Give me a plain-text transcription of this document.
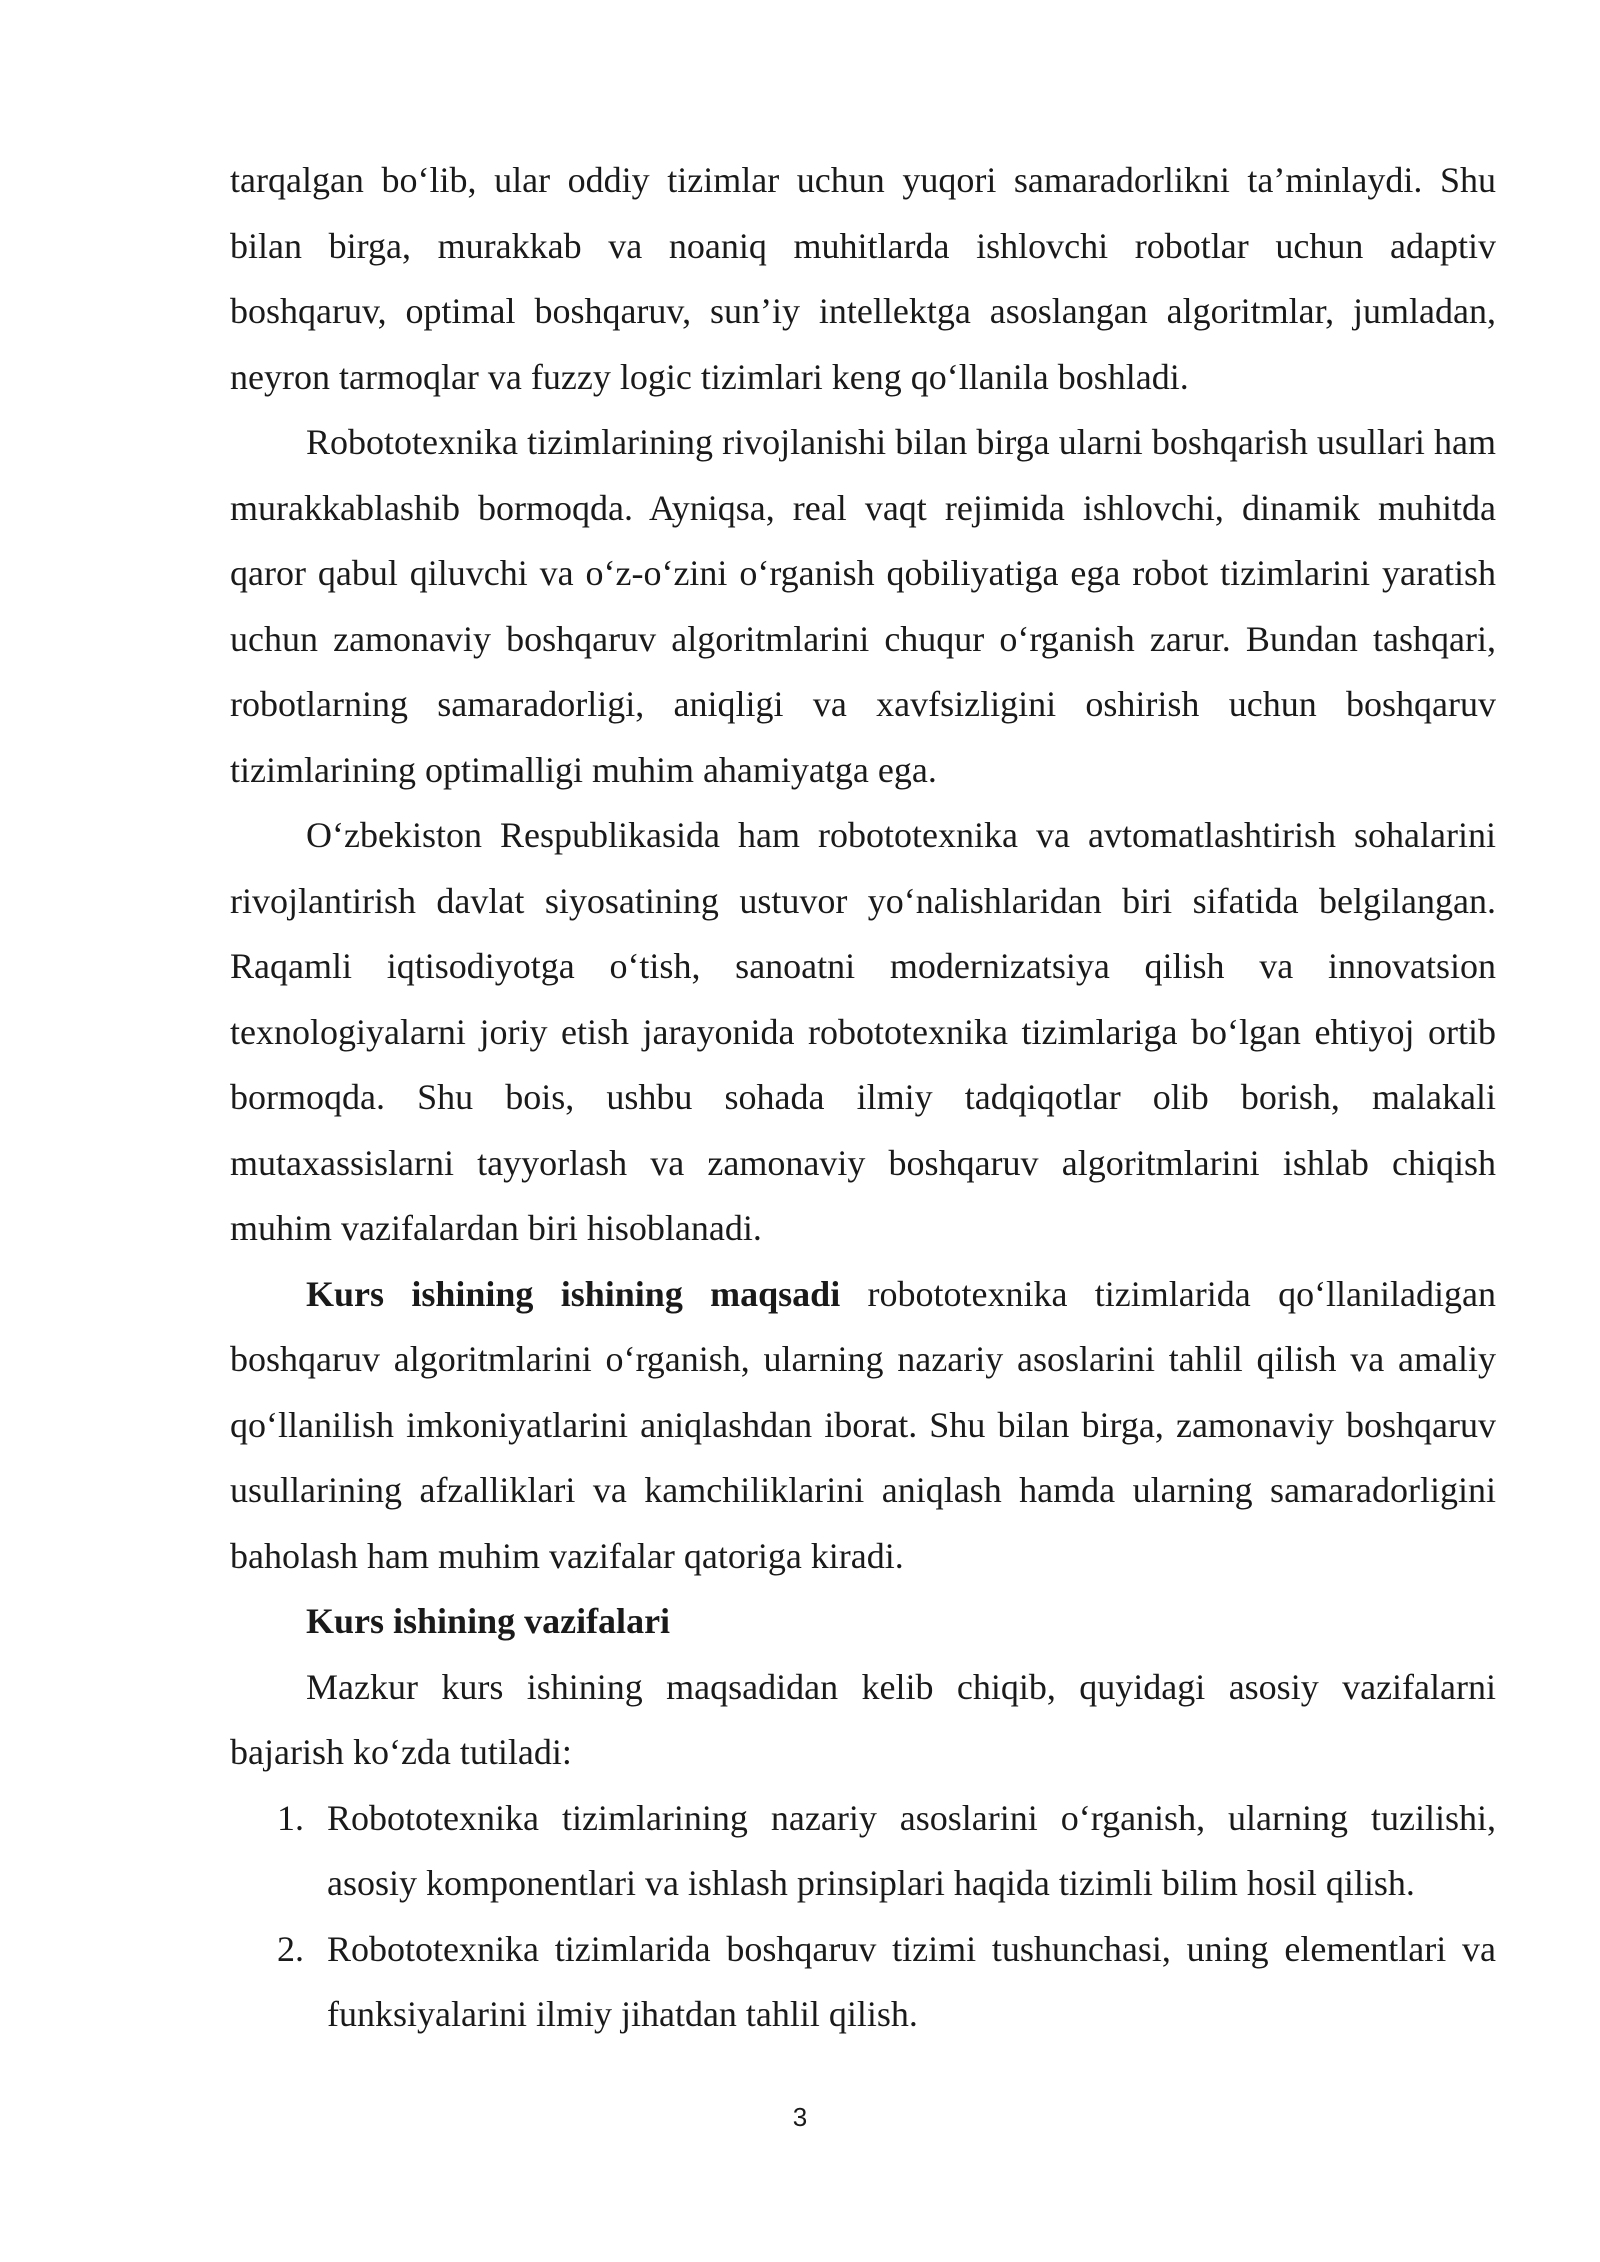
tarqalgan bo‘lib, ular oddiy tizimlar uchun yuqori samaradorlikni ta’minlaydi. Shu bilan birga, murakkab va noaniq muhitlarda ishlovchi robotlar uchun adaptiv boshqaruv, optimal boshqaruv, sun’iy intellektga asoslangan algoritmlar, jumladan, neyron tarmoqlar va fuzzy logic tizimlari keng qo‘llanila boshladi.

Robototexnika tizimlarining rivojlanishi bilan birga ularni boshqarish usullari ham murakkablashib bormoqda. Ayniqsa, real vaqt rejimida ishlovchi, dinamik muhitda qaror qabul qiluvchi va o‘z-o‘zini o‘rganish qobiliyatiga ega robot tizimlarini yaratish uchun zamonaviy boshqaruv algoritmlarini chuqur o‘rganish zarur. Bundan tashqari, robotlarning samaradorligi, aniqligi va xavfsizligini oshirish uchun boshqaruv tizimlarining optimalligi muhim ahamiyatga ega.

O‘zbekiston Respublikasida ham robototexnika va avtomatlashtirish sohalarini rivojlantirish davlat siyosatining ustuvor yo‘nalishlaridan biri sifatida belgilangan. Raqamli iqtisodiyotga o‘tish, sanoatni modernizatsiya qilish va innovatsion texnologiyalarni joriy etish jarayonida robototexnika tizimlariga bo‘lgan ehtiyoj ortib bormoqda. Shu bois, ushbu sohada ilmiy tadqiqotlar olib borish, malakali mutaxassislarni tayyorlash va zamonaviy boshqaruv algoritmlarini ishlab chiqish muhim vazifalardan biri hisoblanadi.

Kurs ishining ishining maqsadi robototexnika tizimlarida qo‘llaniladigan boshqaruv algoritmlarini o‘rganish, ularning nazariy asoslarini tahlil qilish va amaliy qo‘llanilish imkoniyatlarini aniqlashdan iborat. Shu bilan birga, zamonaviy boshqaruv usullarining afzalliklari va kamchiliklarini aniqlash hamda ularning samaradorligini baholash ham muhim vazifalar qatoriga kiradi.

Kurs ishining vazifalari

Mazkur kurs ishining maqsadidan kelib chiqib, quyidagi asosiy vazifalarni bajarish ko‘zda tutiladi:

1. Robototexnika tizimlarining nazariy asoslarini o‘rganish, ularning tuzilishi, asosiy komponentlari va ishlash prinsiplari haqida tizimli bilim hosil qilish.
2. Robototexnika tizimlarida boshqaruv tizimi tushunchasi, uning elementlari va funksiyalarini ilmiy jihatdan tahlil qilish.
3
